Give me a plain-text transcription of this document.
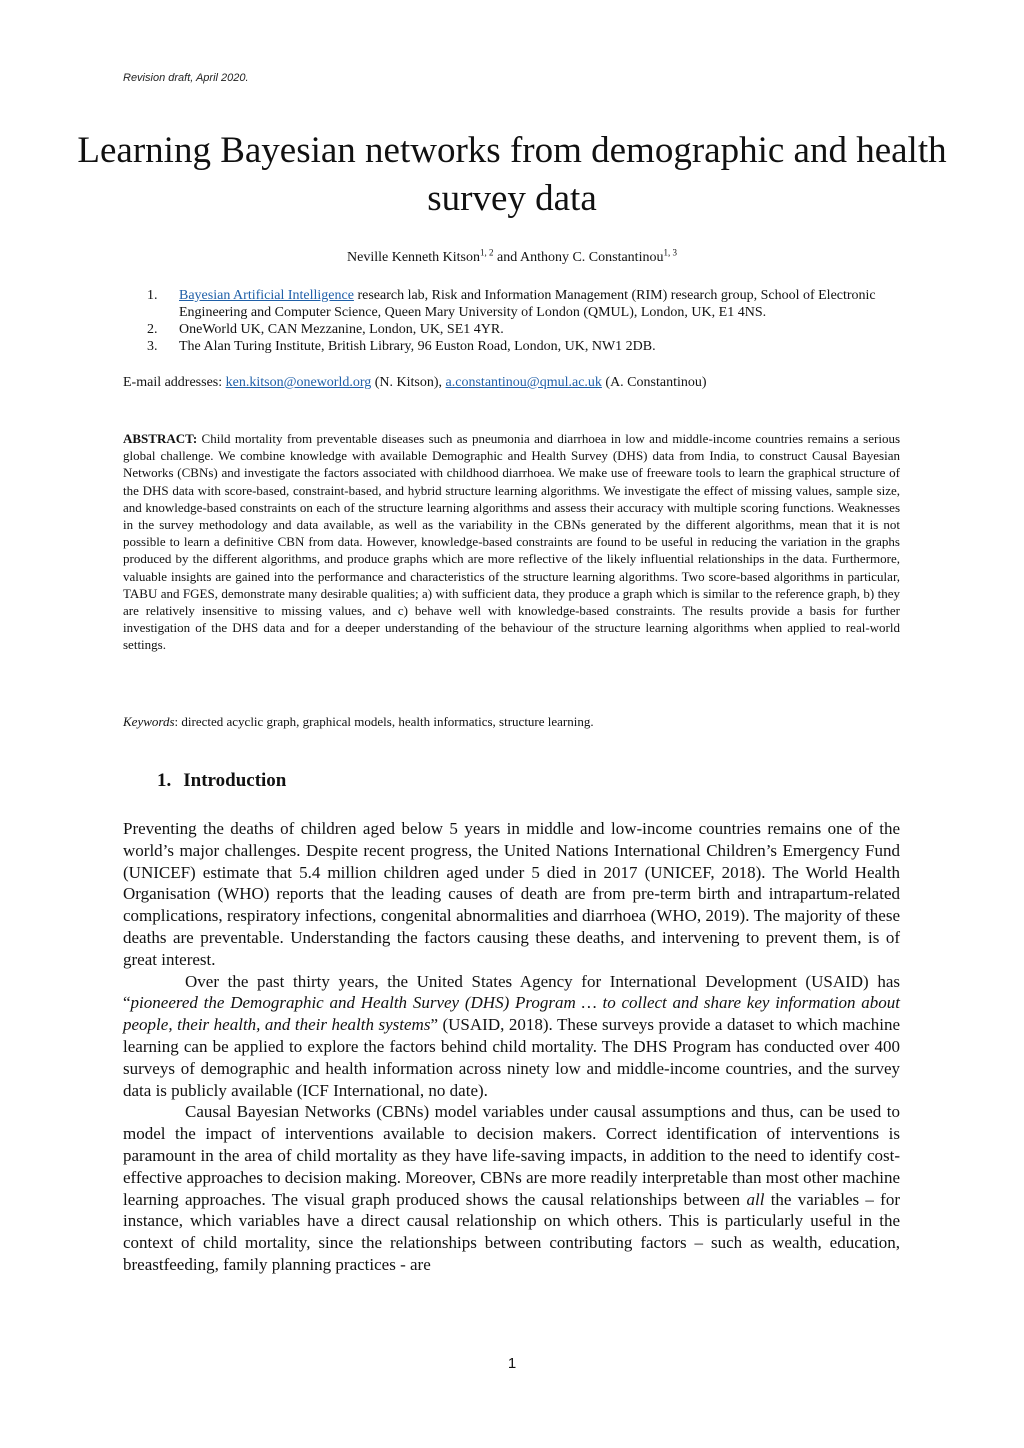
Revision draft, April 2020.
Learning Bayesian networks from demographic and health survey data
Neville Kenneth Kitson$^{1, 2}$ and Anthony C. Constantinou$^{1, 3}$
1. Bayesian Artificial Intelligence research lab, Risk and Information Management (RIM) research group, School of Electronic Engineering and Computer Science, Queen Mary University of London (QMUL), London, UK, E1 4NS.
2. OneWorld UK, CAN Mezzanine, London, UK, SE1 4YR.
3. The Alan Turing Institute, British Library, 96 Euston Road, London, UK, NW1 2DB.
E-mail addresses: ken.kitson@oneworld.org (N. Kitson), a.constantinou@qmul.ac.uk (A. Constantinou)

ABSTRACT: Child mortality from preventable diseases such as pneumonia and diarrhoea in low and middle-income countries remains a serious global challenge. We combine knowledge with available Demographic and Health Survey (DHS) data from India, to construct Causal Bayesian Networks (CBNs) and investigate the factors associated with childhood diarrhoea. We make use of freeware tools to learn the graphical structure of the DHS data with score-based, constraint-based, and hybrid structure learning algorithms. We investigate the effect of missing values, sample size, and knowledge-based constraints on each of the structure learning algorithms and assess their accuracy with multiple scoring functions. Weaknesses in the survey methodology and data available, as well as the variability in the CBNs generated by the different algorithms, mean that it is not possible to learn a definitive CBN from data. However, knowledge-based constraints are found to be useful in reducing the variation in the graphs produced by the different algorithms, and produce graphs which are more reflective of the likely influential relationships in the data. Furthermore, valuable insights are gained into the performance and characteristics of the structure learning algorithms. Two score-based algorithms in particular, TABU and FGES, demonstrate many desirable qualities; a) with sufficient data, they produce a graph which is similar to the reference graph, b) they are relatively insensitive to missing values, and c) behave well with knowledge-based constraints. The results provide a basis for further investigation of the DHS data and for a deeper understanding of the behaviour of the structure learning algorithms when applied to real-world settings.

Keywords: directed acyclic graph, graphical models, health informatics, structure learning.
1. Introduction

Preventing the deaths of children aged below 5 years in middle and low-income countries remains one of the world’s major challenges. Despite recent progress, the United Nations International Children’s Emergency Fund (UNICEF) estimate that 5.4 million children aged under 5 died in 2017 (UNICEF, 2018). The World Health Organisation (WHO) reports that the leading causes of death are from pre-term birth and intrapartum-related complications, respiratory infections, congenital abnormalities and diarrhoea (WHO, 2019). The majority of these deaths are preventable. Understanding the factors causing these deaths, and intervening to prevent them, is of great interest.

Over the past thirty years, the United States Agency for International Development (USAID) has “pioneered the Demographic and Health Survey (DHS) Program … to collect and share key information about people, their health, and their health systems” (USAID, 2018). These surveys provide a dataset to which machine learning can be applied to explore the factors behind child mortality. The DHS Program has conducted over 400 surveys of demographic and health information across ninety low and middle-income countries, and the survey data is publicly available (ICF International, no date).

Causal Bayesian Networks (CBNs) model variables under causal assumptions and thus, can be used to model the impact of interventions available to decision makers. Correct identification of interventions is paramount in the area of child mortality as they have life-saving impacts, in addition to the need to identify cost-effective approaches to decision making. Moreover, CBNs are more readily interpretable than most other machine learning approaches. The visual graph produced shows the causal relationships between all the variables – for instance, which variables have a direct causal relationship on which others. This is particularly useful in the context of child mortality, since the relationships between contributing factors – such as wealth, education, breastfeeding, family planning practices - are

1
